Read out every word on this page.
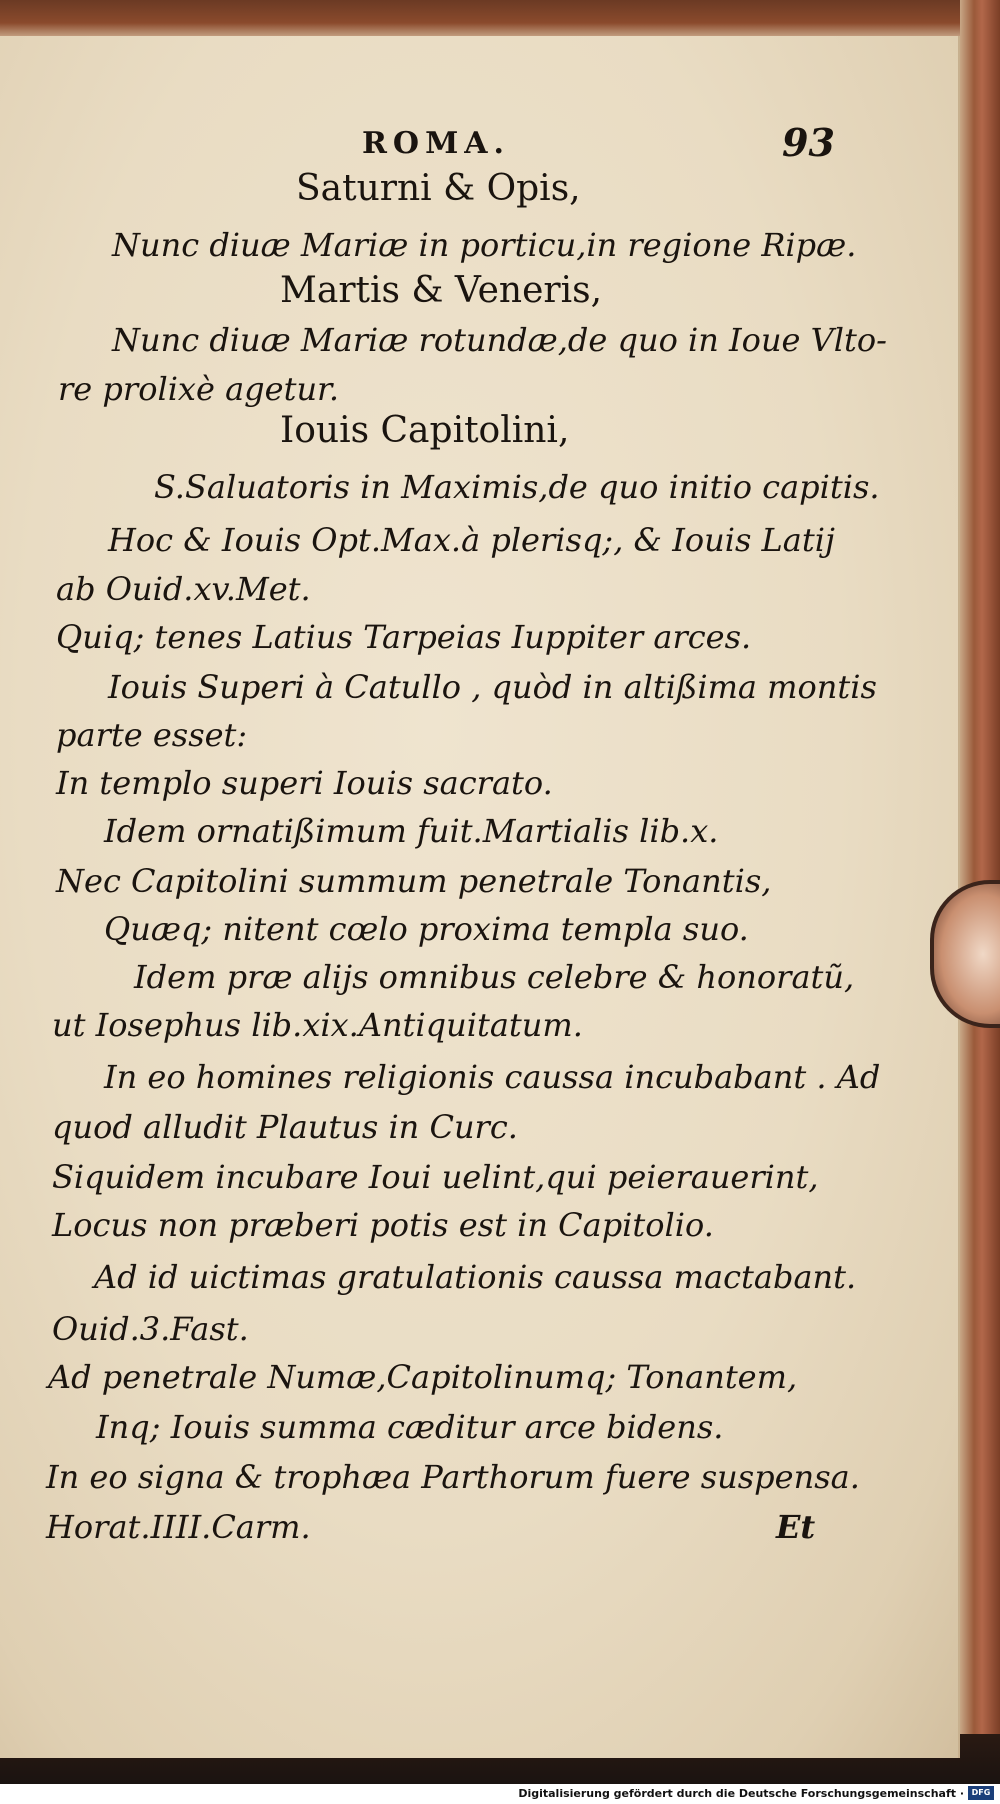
ROMA.	93
Saturni & Opis,
Nunc diuæ Mariæ in porticu,in regione Ripæ.
Martis & Veneris,
Nunc diuæ Mariæ rotundæ,de quo in Ioue Vlto-
re prolixè agetur.
Iouis Capitolini,
S.Saluatoris in Maximis,de quo initio capitis.
Hoc & Iouis Opt.Max.à plerisq;, & Iouis Latij
ab Ouid.xv.Met.
Quiq; tenes Latius Tarpeias Iuppiter arces.
Iouis Superi à Catullo , quòd in altißima montis
parte esset:
In templo superi Iouis sacrato.
Idem ornatißimum fuit.Martialis lib.x.
Nec Capitolini summum penetrale Tonantis,
Quæq; nitent cœlo proxima templa suo.
Idem præ alijs omnibus celebre & honoratũ,
ut Iosephus lib.xix.Antiquitatum.
In eo homines religionis caussa incubabant . Ad
quod alludit Plautus in Curc.
Siquidem incubare Ioui uelint,qui peierauerint,
Locus non præberi potis est in Capitolio.
Ad id uictimas gratulationis caussa mactabant.
Ouid.3.Fast.
Ad penetrale Numæ,Capitolinumq; Tonantem,
Inq; Iouis summa cæditur arce bidens.
In eo signa & trophæa Parthorum fuere suspensa.
Horat.IIII.Carm.	Et
Digitalisierung gefördert durch die Deutsche Forschungsgemeinschaft · DFG
